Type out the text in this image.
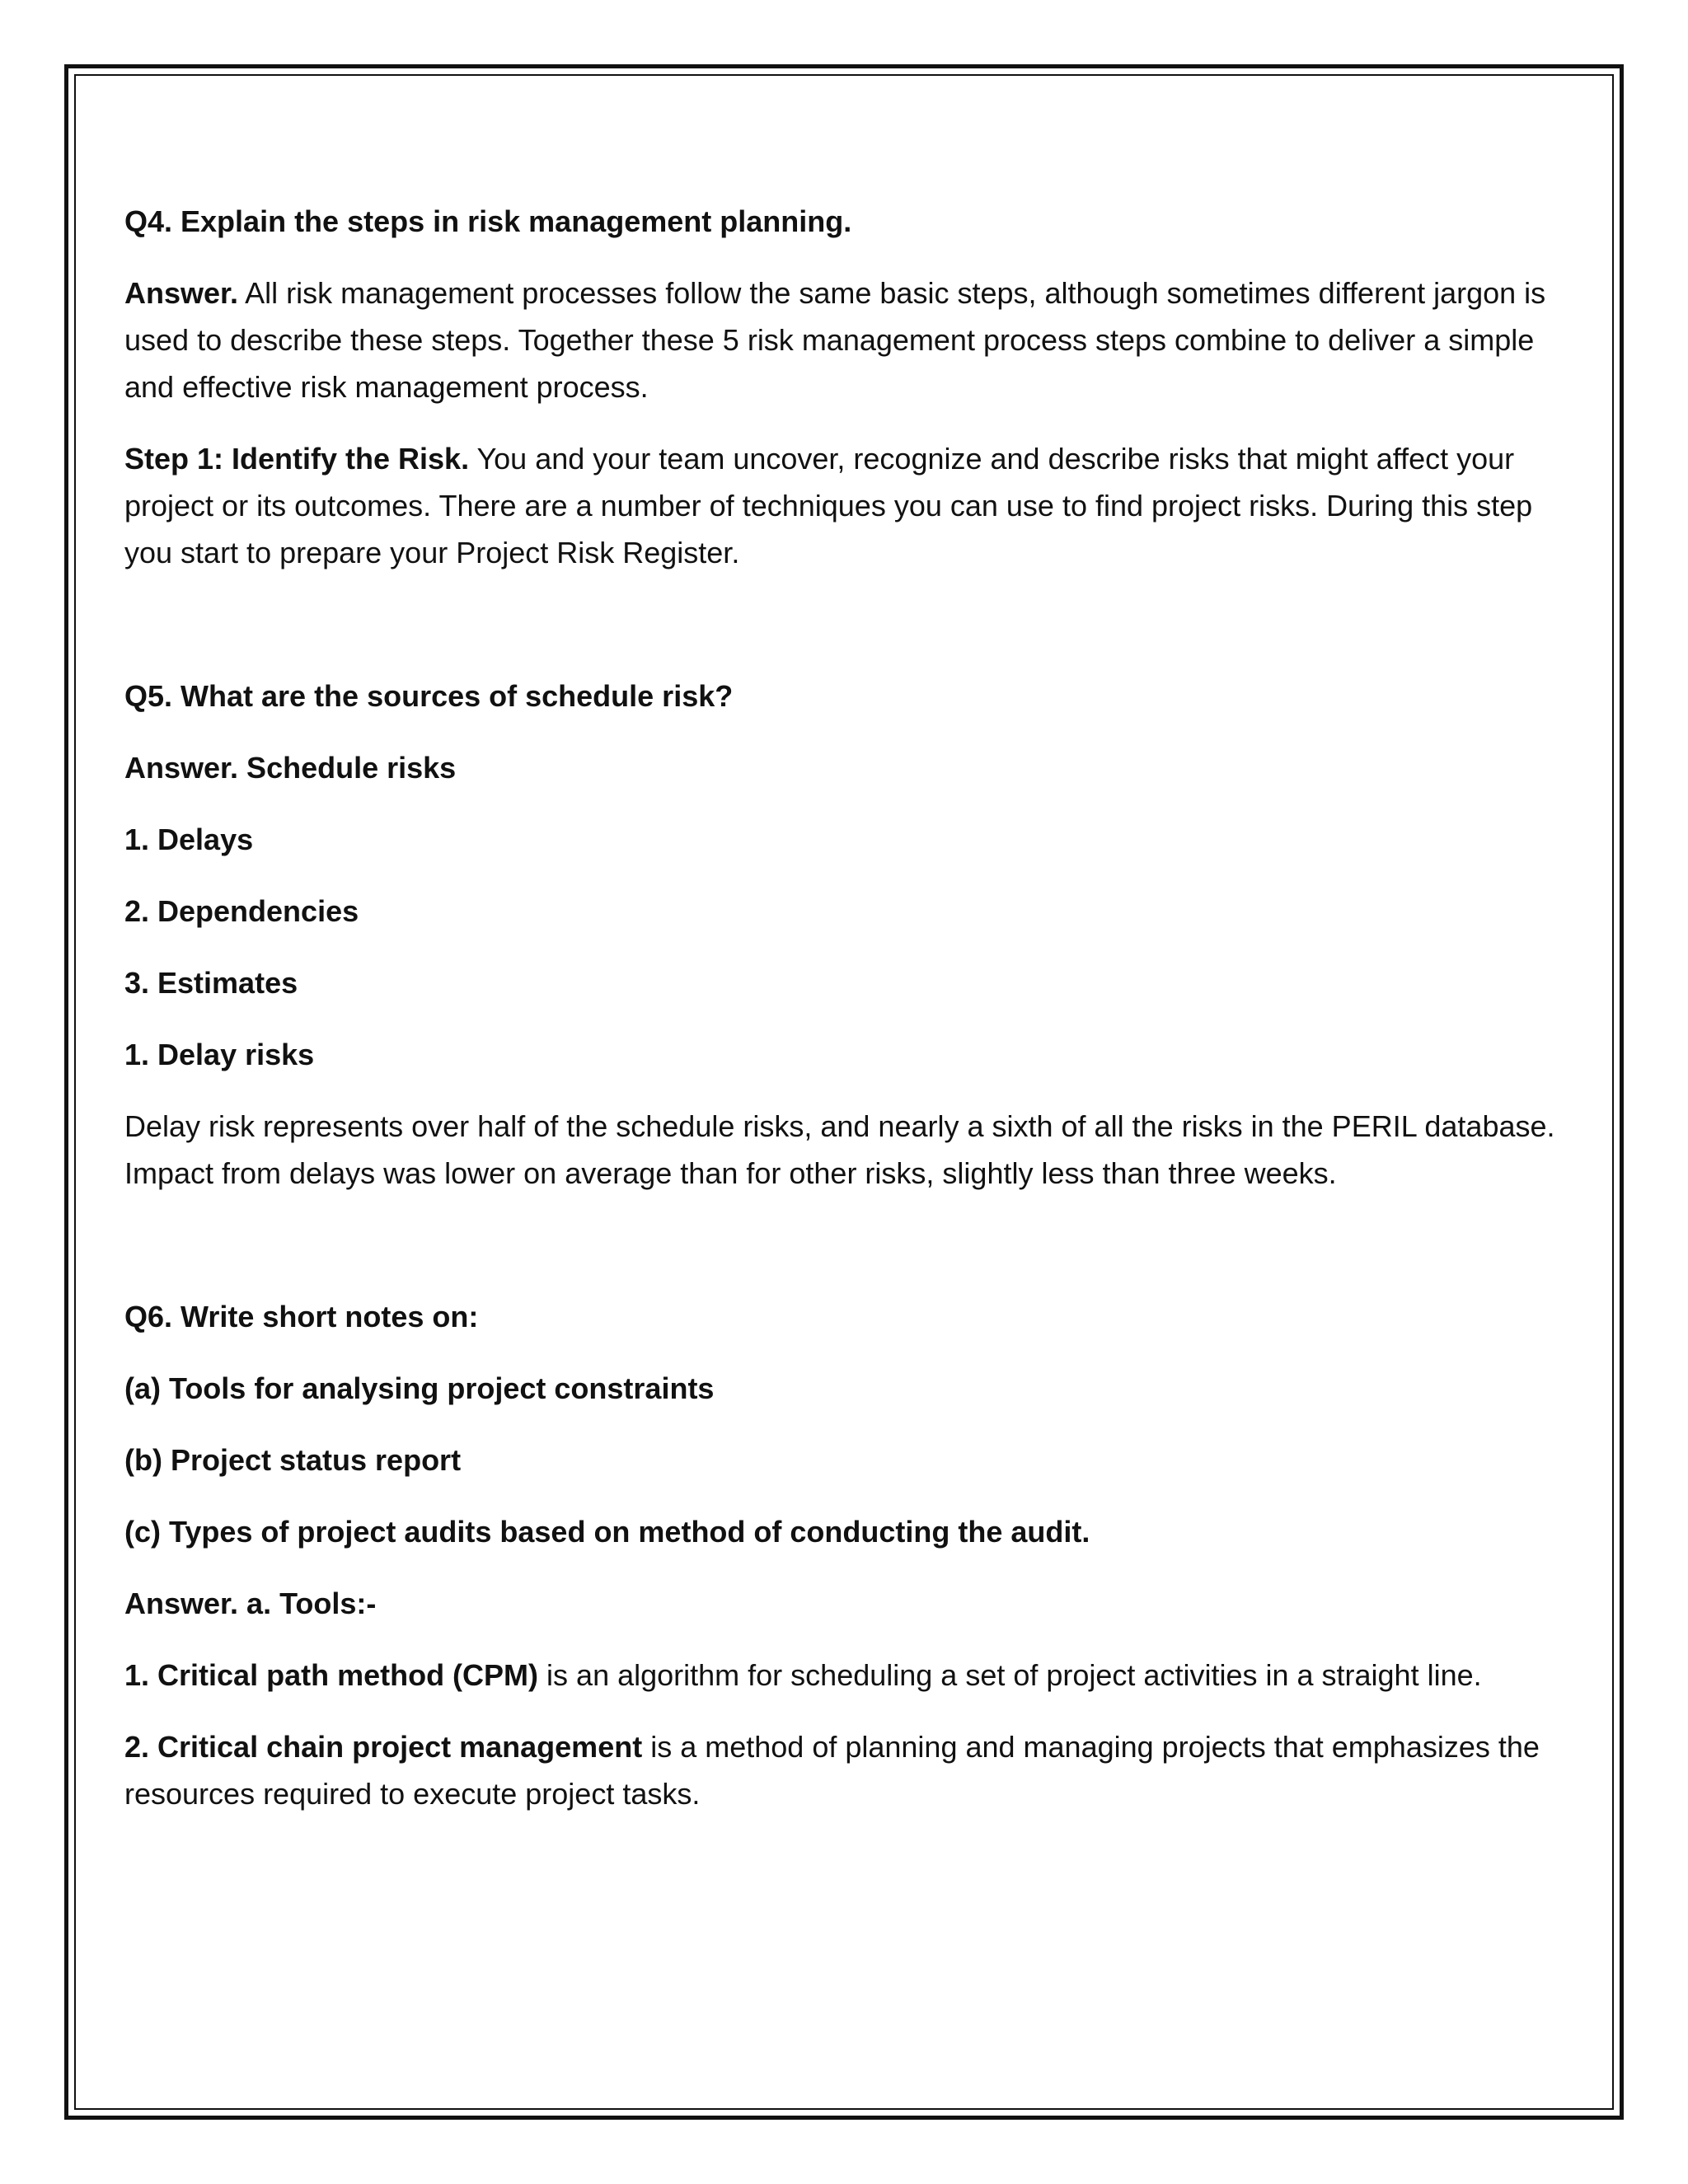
Q4. Explain the steps in risk management planning.

Answer. All risk management processes follow the same basic steps, although sometimes different jargon is used to describe these steps. Together these 5 risk management process steps combine to deliver a simple and effective risk management process.

Step 1: Identify the Risk. You and your team uncover, recognize and describe risks that might affect your project or its outcomes. There are a number of techniques you can use to find project risks. During this step you start to prepare your Project Risk Register.

Q5. What are the sources of schedule risk?

Answer. Schedule risks

1. Delays

2. Dependencies

3. Estimates

1. Delay risks

Delay risk represents over half of the schedule risks, and nearly a sixth of all the risks in the PERIL database. Impact from delays was lower on average than for other risks, slightly less than three weeks.

Q6. Write short notes on:

(a) Tools for analysing project constraints

(b) Project status report

(c) Types of project audits based on method of conducting the audit.

Answer. a. Tools:-

1. Critical path method (CPM) is an algorithm for scheduling a set of project activities in a straight line.

2. Critical chain project management is a method of planning and managing projects that emphasizes the resources required to execute project tasks.
